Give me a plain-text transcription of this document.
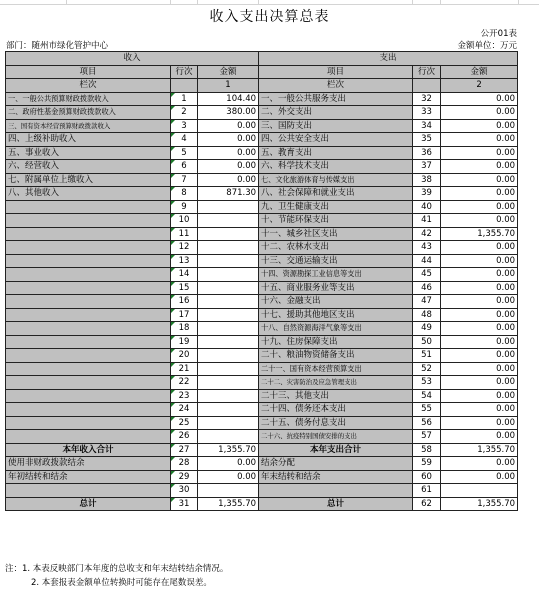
收入支出决算总表
公开01表
部门：随州市绿化管护中心	金额单位：万元
收入			支出		
项目	行次	金额	项目	行次	金额
栏次		1	栏次		2
一、一般公共预算财政拨款收入	1	104.40	一、一般公共服务支出	32	0.00
二、政府性基金预算财政拨款收入	2	380.00	二、外交支出	33	0.00
三、国有资本经营预算财政拨款收入	3	0.00	三、国防支出	34	0.00
四、上级补助收入	4	0.00	四、公共安全支出	35	0.00
五、事业收入	5	0.00	五、教育支出	36	0.00
六、经营收入	6	0.00	六、科学技术支出	37	0.00
七、附属单位上缴收入	7	0.00	七、文化旅游体育与传媒支出	38	0.00
八、其他收入	8	871.30	八、社会保障和就业支出	39	0.00
	9		九、卫生健康支出	40	0.00
	10		十、节能环保支出	41	0.00
	11		十一、城乡社区支出	42	1,355.70
	12		十二、农林水支出	43	0.00
	13		十三、交通运输支出	44	0.00
	14		十四、资源勘探工业信息等支出	45	0.00
	15		十五、商业服务业等支出	46	0.00
	16		十六、金融支出	47	0.00
	17		十七、援助其他地区支出	48	0.00
	18		十八、自然资源海洋气象等支出	49	0.00
	19		十九、住房保障支出	50	0.00
	20		二十、粮油物资储备支出	51	0.00
	21		二十一、国有资本经营预算支出	52	0.00
	22		二十二、灾害防治及应急管理支出	53	0.00
	23		二十三、其他支出	54	0.00
	24		二十四、债务还本支出	55	0.00
	25		二十五、债务付息支出	56	0.00
	26		二十六、抗疫特别国债安排的支出	57	0.00
本年收入合计	27	1,355.70	本年支出合计	58	1,355.70
使用非财政拨款结余	28	0.00	结余分配	59	0.00
年初结转和结余	29	0.00	年末结转和结余	60	0.00
	30			61	
总计	31	1,355.70	总计	62	1,355.70
注：1. 本表反映部门本年度的总收支和年末结转结余情况。
2. 本套报表金额单位转换时可能存在尾数误差。
